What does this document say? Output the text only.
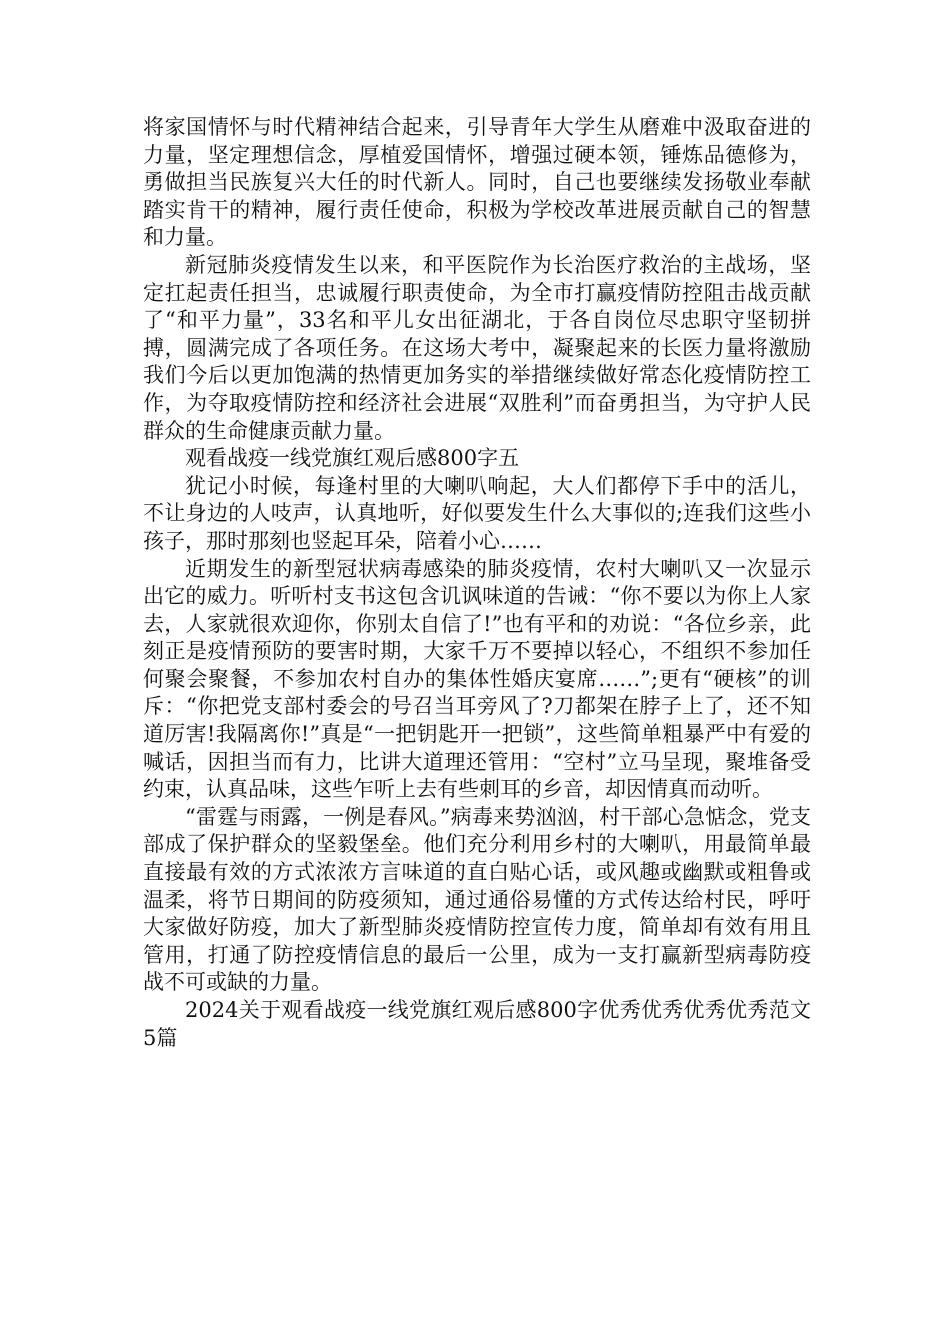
将家国情怀与时代精神结合起来，引导青年大学生从磨难中汲取奋进的力量，坚定理想信念，厚植爱国情怀，增强过硬本领，锤炼品德修为，勇做担当民族复兴大任的时代新人。同时，自己也要继续发扬敬业奉献踏实肯干的精神，履行责任使命，积极为学校改革进展贡献自己的智慧和力量。

新冠肺炎疫情发生以来，和平医院作为长治医疗救治的主战场，坚定扛起责任担当，忠诚履行职责使命，为全市打赢疫情防控阻击战贡献了“和平力量”，33名和平儿女出征湖北，于各自岗位尽忠职守坚韧拼搏，圆满完成了各项任务。在这场大考中，凝聚起来的长医力量将激励我们今后以更加饱满的热情更加务实的举措继续做好常态化疫情防控工作，为夺取疫情防控和经济社会进展“双胜利”而奋勇担当，为守护人民群众的生命健康贡献力量。

观看战疫一线党旗红观后感800字五

犹记小时候，每逢村里的大喇叭响起，大人们都停下手中的活儿，不让身边的人吱声，认真地听，好似要发生什么大事似的;连我们这些小孩子，那时那刻也竖起耳朵，陪着小心……

近期发生的新型冠状病毒感染的肺炎疫情，农村大喇叭又一次显示出它的威力。听听村支书这包含讥讽味道的告诫：“你不要以为你上人家去，人家就很欢迎你，你别太自信了!”也有平和的劝说：“各位乡亲，此刻正是疫情预防的要害时期，大家千万不要掉以轻心，不组织不参加任何聚会聚餐，不参加农村自办的集体性婚庆宴席……”;更有“硬核”的训斥：“你把党支部村委会的号召当耳旁风了?刀都架在脖子上了，还不知道厉害!我隔离你!”真是“一把钥匙开一把锁”，这些简单粗暴严中有爱的喊话，因担当而有力，比讲大道理还管用：“空村”立马呈现，聚堆备受约束，认真品味，这些乍听上去有些刺耳的乡音，却因情真而动听。

“雷霆与雨露，一例是春风。”病毒来势汹汹，村干部心急惦念，党支部成了保护群众的坚毅堡垒。他们充分利用乡村的大喇叭，用最简单最直接最有效的方式浓浓方言味道的直白贴心话，或风趣或幽默或粗鲁或温柔，将节日期间的防疫须知，通过通俗易懂的方式传达给村民，呼吁大家做好防疫，加大了新型肺炎疫情防控宣传力度，简单却有效有用且管用，打通了防控疫情信息的最后一公里，成为一支打赢新型病毒防疫战不可或缺的力量。

2024关于观看战疫一线党旗红观后感800字优秀优秀优秀优秀范文5篇
